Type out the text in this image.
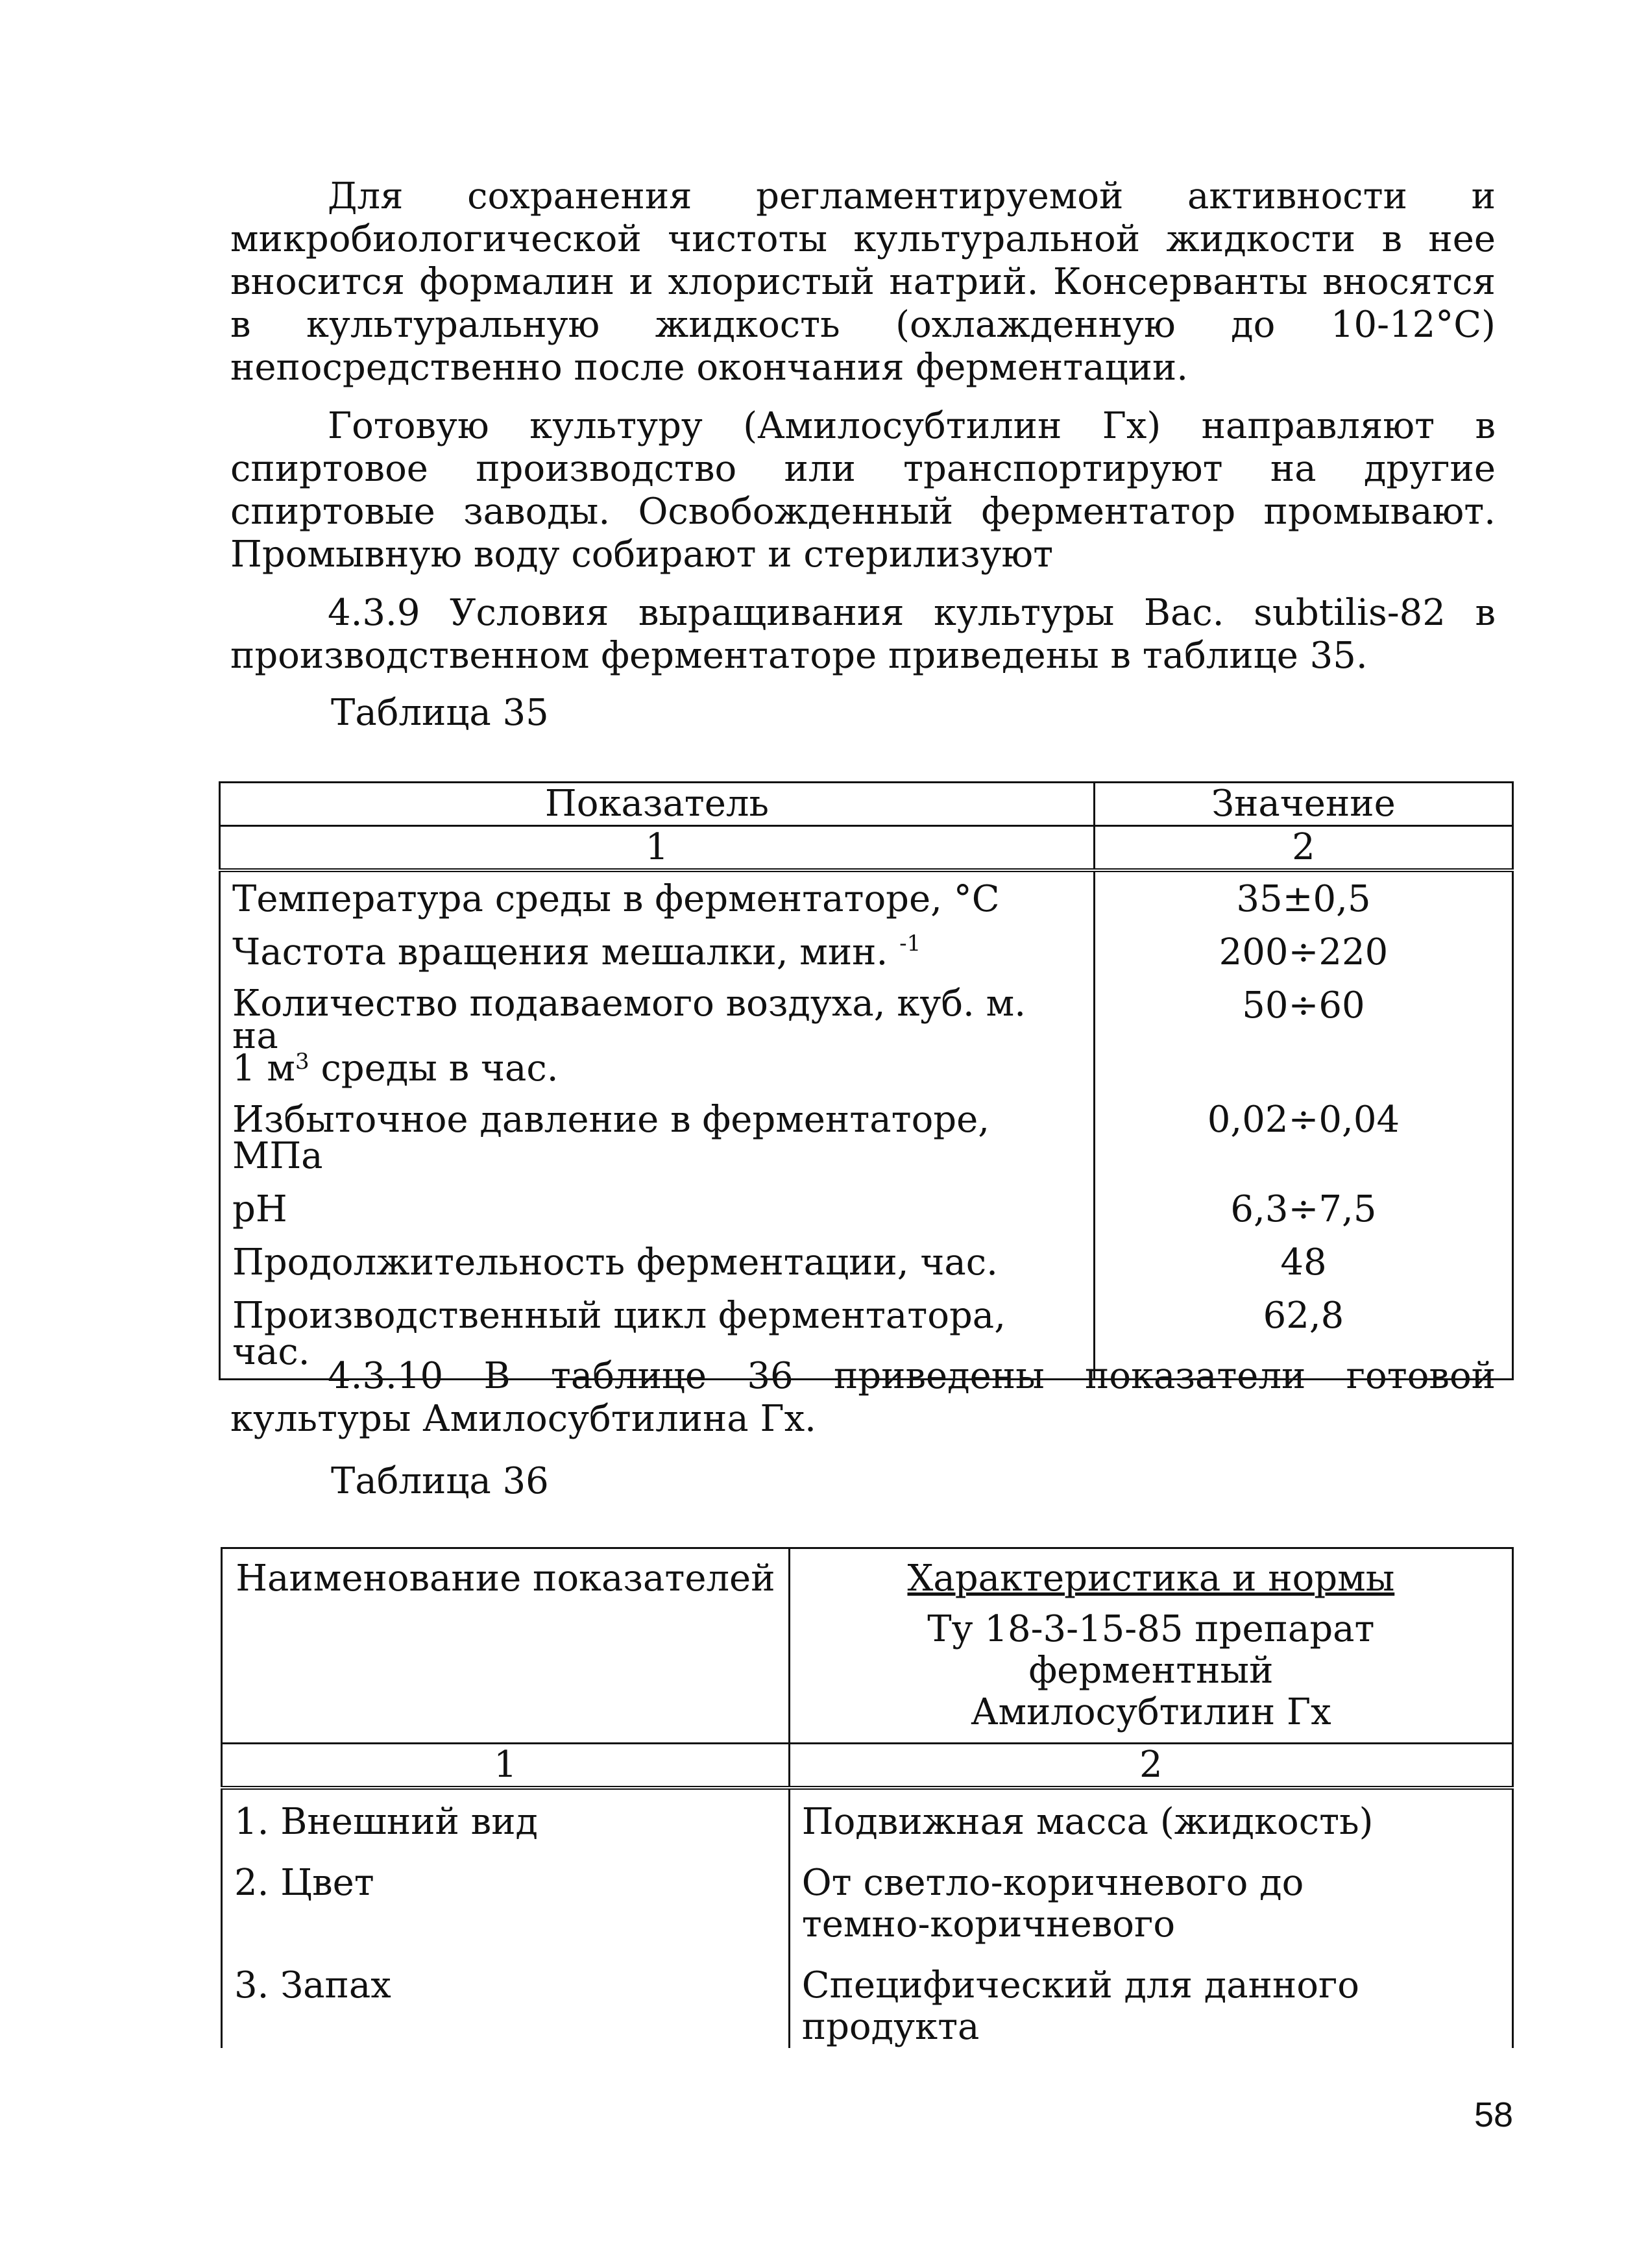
Для сохранения регламентируемой активности и микробиологической чистоты культуральной жидкости в нее вносится формалин и хлористый натрий. Консерванты вносятся в культуральную жидкость (охлажденную до 10-12°С) непосредственно после окончания ферментации.

Готовую культуру (Амилосубтилин Гх) направляют в спиртовое производство или транспортируют на другие спиртовые заводы. Освобожденный ферментатор промывают. Промывную воду собирают и стерилизуют

4.3.9 Условия выращивания культуры Bac. subtilis-82 в производственном ферментаторе приведены в таблице 35.

Таблица 35
Показатель	Значение
1	2
Температура среды в ферментаторе, °С	35±0,5
Частота вращения мешалки, мин. $^{-1}$	200÷220
Количество подаваемого воздуха, куб. м. на
1 $м^3$ среды в час.	50÷60
Избыточное давление в ферментаторе, МПа	0,02÷0,04
pH	6,3÷7,5
Продолжительность ферментации, час.	48
Производственный цикл ферментатора, час.	62,8

4.3.10 В таблице 36 приведены показатели готовой культуры Амилосубтилина Гх.

Таблица 36
Наименование показателей	Характеристика и нормы
Ту 18-3-15-85 препарат ферментный
Амилосубтилин Гх

1	2
1. Внешний вид	Подвижная масса (жидкость)
2. Цвет	От светло-коричневого до темно-коричневого
3. Запах	Специфический для данного продукта
58
